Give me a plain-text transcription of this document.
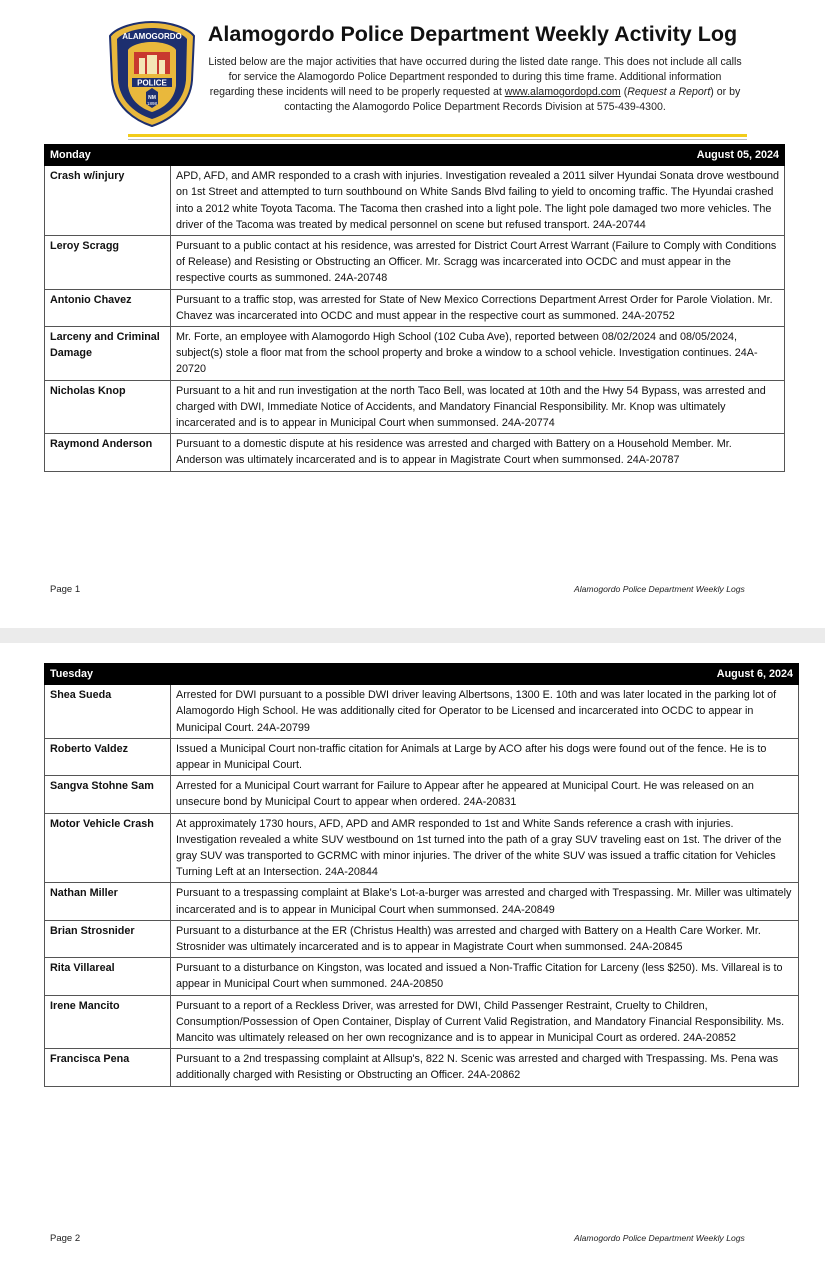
ALAMOGORDO
POLICE
NM
1898
Alamogordo Police Department Weekly Activity Log
Listed below are the major activities that have occurred during the listed date range. This does not include all calls for service the Alamogordo Police Department responded to during this time frame. Additional information regarding these incidents will need to be properly requested at www.alamogordopd.com (Request a Report) or by contacting the Alamogordo Police Department Records Division at 575-439-4300.
Monday	August 05, 2024
Crash w/injury	APD, AFD, and AMR responded to a crash with injuries. Investigation revealed a 2011 silver Hyundai Sonata drove westbound on 1st Street and attempted to turn southbound on White Sands Blvd failing to yield to oncoming traffic. The Hyundai crashed into a 2012 white Toyota Tacoma. The Tacoma then crashed into a light pole. The light pole damaged two more vehicles. The driver of the Tacoma was treated by medical personnel on scene but refused transport. 24A-20744
Leroy Scragg	Pursuant to a public contact at his residence, was arrested for District Court Arrest Warrant (Failure to Comply with Conditions of Release) and Resisting or Obstructing an Officer. Mr. Scragg was incarcerated into OCDC and must appear in the respective courts as summoned. 24A-20748
Antonio Chavez	Pursuant to a traffic stop, was arrested for State of New Mexico Corrections Department Arrest Order for Parole Violation. Mr. Chavez was incarcerated into OCDC and must appear in the respective court as summoned. 24A-20752
Larceny and Criminal Damage	Mr. Forte, an employee with Alamogordo High School (102 Cuba Ave), reported between 08/02/2024 and 08/05/2024, subject(s) stole a floor mat from the school property and broke a window to a school vehicle. Investigation continues. 24A-20720
Nicholas Knop	Pursuant to a hit and run investigation at the north Taco Bell, was located at 10th and the Hwy 54 Bypass, was arrested and charged with DWI, Immediate Notice of Accidents, and Mandatory Financial Responsibility. Mr. Knop was ultimately incarcerated and is to appear in Municipal Court when summonsed. 24A-20774
Raymond Anderson	Pursuant to a domestic dispute at his residence was arrested and charged with Battery on a Household Member. Mr. Anderson was ultimately incarcerated and is to appear in Magistrate Court when summonsed. 24A-20787
Page 1	Alamogordo Police Department Weekly Logs
Tuesday	August 6, 2024
Shea Sueda	Arrested for DWI pursuant to a possible DWI driver leaving Albertsons, 1300 E. 10th and was later located in the parking lot of Alamogordo High School. He was additionally cited for Operator to be Licensed and incarcerated into OCDC to appear in Municipal Court. 24A-20799
Roberto Valdez	Issued a Municipal Court non-traffic citation for Animals at Large by ACO after his dogs were found out of the fence. He is to appear in Municipal Court.
Sangva Stohne Sam	Arrested for a Municipal Court warrant for Failure to Appear after he appeared at Municipal Court. He was released on an unsecure bond by Municipal Court to appear when ordered. 24A-20831
Motor Vehicle Crash	At approximately 1730 hours, AFD, APD and AMR responded to 1st and White Sands reference a crash with injuries. Investigation revealed a white SUV westbound on 1st turned into the path of a gray SUV traveling east on 1st. The driver of the gray SUV was transported to GCRMC with minor injuries. The driver of the white SUV was issued a traffic citation for Vehicles Turning Left at an Intersection. 24A-20844
Nathan Miller	Pursuant to a trespassing complaint at Blake's Lot-a-burger was arrested and charged with Trespassing. Mr. Miller was ultimately incarcerated and is to appear in Municipal Court when summonsed. 24A-20849
Brian Strosnider	Pursuant to a disturbance at the ER (Christus Health) was arrested and charged with Battery on a Health Care Worker. Mr. Strosnider was ultimately incarcerated and is to appear in Magistrate Court when summonsed. 24A-20845
Rita Villareal	Pursuant to a disturbance on Kingston, was located and issued a Non-Traffic Citation for Larceny (less $250). Ms. Villareal is to appear in Municipal Court when summoned. 24A-20850
Irene Mancito	Pursuant to a report of a Reckless Driver, was arrested for DWI, Child Passenger Restraint, Cruelty to Children, Consumption/Possession of Open Container, Display of Current Valid Registration, and Mandatory Financial Responsibility. Ms. Mancito was ultimately released on her own recognizance and is to appear in Municipal Court as ordered. 24A-20852
Francisca Pena	Pursuant to a 2nd trespassing complaint at Allsup's, 822 N. Scenic was arrested and charged with Trespassing. Ms. Pena was additionally charged with Resisting or Obstructing an Officer. 24A-20862
Page 2	Alamogordo Police Department Weekly Logs
